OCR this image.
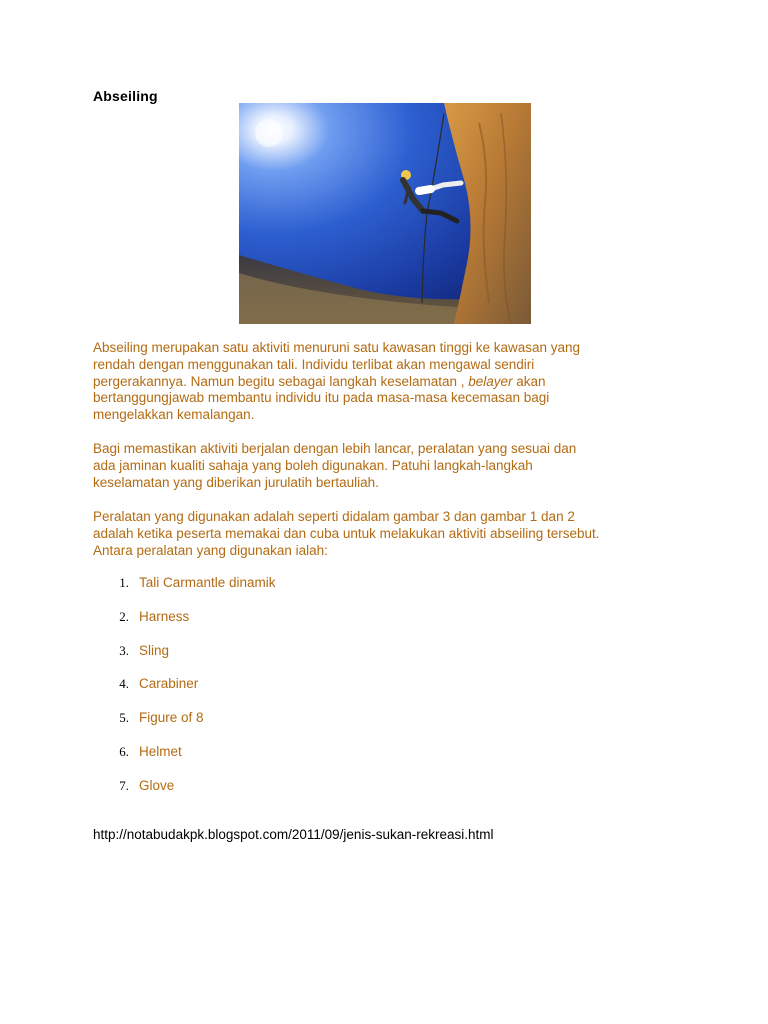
Abseiling
Abseiling merupakan satu aktiviti menuruni satu kawasan tinggi ke kawasan yang
rendah dengan menggunakan tali. Individu terlibat akan mengawal sendiri
pergerakannya. Namun begitu sebagai langkah keselamatan , belayer akan
bertanggungjawab membantu individu itu pada masa-masa kecemasan bagi
mengelakkan kemalangan.
Bagi memastikan aktiviti berjalan dengan lebih lancar, peralatan yang sesuai dan
ada jaminan kualiti sahaja yang boleh digunakan. Patuhi langkah-langkah
keselamatan yang diberikan jurulatih bertauliah.
Peralatan yang digunakan adalah seperti didalam gambar 3 dan gambar 1 dan 2
adalah ketika peserta memakai dan cuba untuk melakukan aktiviti abseiling tersebut.
Antara peralatan yang digunakan ialah:
1. Tali Carmantle dinamik
2. Harness
3. Sling
4. Carabiner
5. Figure of 8
6. Helmet
7. Glove
http://notabudakpk.blogspot.com/2011/09/jenis-sukan-rekreasi.html
